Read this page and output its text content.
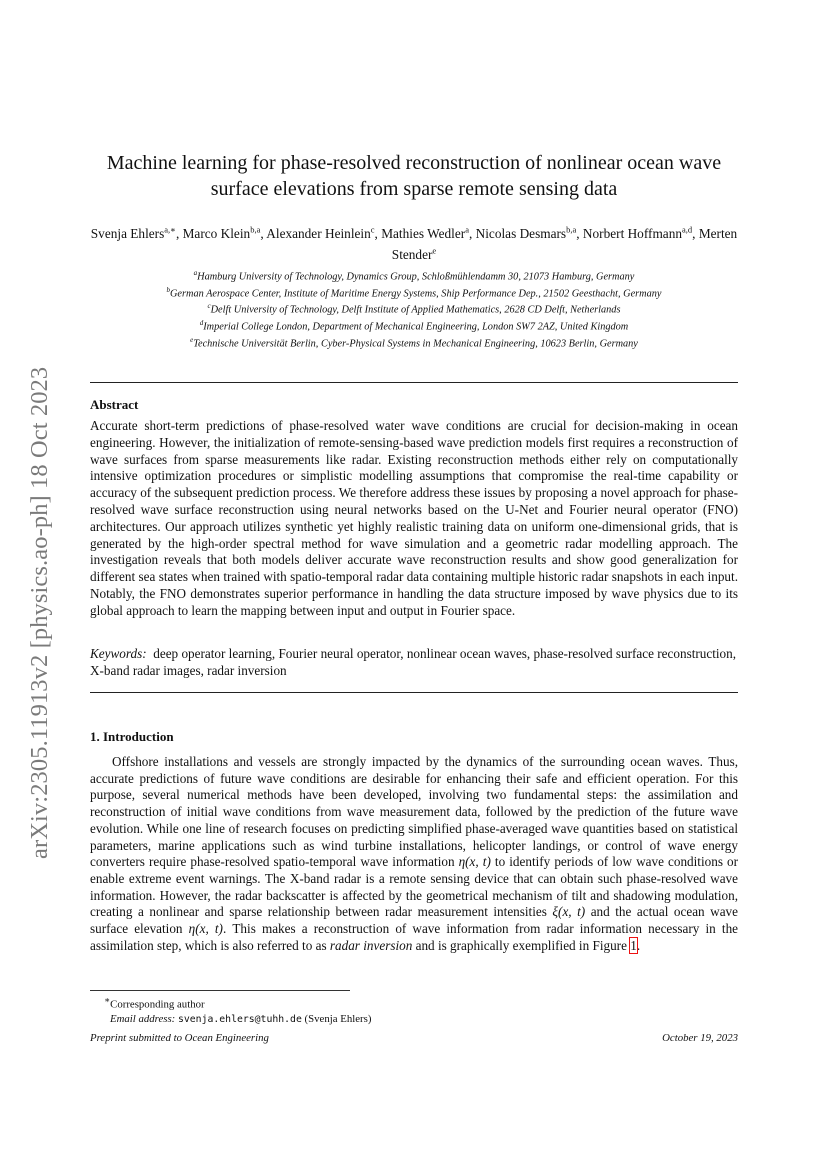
arXiv:2305.11913v2 [physics.ao-ph] 18 Oct 2023
Machine learning for phase-resolved reconstruction of nonlinear ocean wave
surface elevations from sparse remote sensing data
Svenja Ehlers$^{a,∗}$, Marco Klein$^{b,a}$, Alexander Heinlein$^c$, Mathies Wedler$^a$, Nicolas Desmars$^{b,a}$, Norbert Hoffmann$^{a,d}$, Merten Stender$^e$
$^a$Hamburg University of Technology, Dynamics Group, Schloßmühlendamm 30, 21073 Hamburg, Germany
$^b$German Aerospace Center, Institute of Maritime Energy Systems, Ship Performance Dep., 21502 Geesthacht, Germany
$^c$Delft University of Technology, Delft Institute of Applied Mathematics, 2628 CD Delft, Netherlands
$^d$Imperial College London, Department of Mechanical Engineering, London SW7 2AZ, United Kingdom
$^e$Technische Universität Berlin, Cyber-Physical Systems in Mechanical Engineering, 10623 Berlin, Germany
Abstract
Accurate short-term predictions of phase-resolved water wave conditions are crucial for decision-making in ocean engineering. However, the initialization of remote-sensing-based wave prediction models first requires a reconstruction of wave surfaces from sparse measurements like radar. Existing reconstruction methods either rely on computationally intensive optimization procedures or simplistic modelling assumptions that compromise the real-time capability or accuracy of the subsequent prediction process. We therefore address these issues by proposing a novel approach for phase-resolved wave surface reconstruction using neural networks based on the U-Net and Fourier neural operator (FNO) architectures. Our approach utilizes synthetic yet highly realistic training data on uniform one-dimensional grids, that is generated by the high-order spectral method for wave simulation and a geometric radar modelling approach. The investigation reveals that both models deliver accurate wave reconstruction results and show good generalization for different sea states when trained with spatio-temporal radar data containing multiple historic radar snapshots in each input. Notably, the FNO demonstrates superior performance in handling the data structure imposed by wave physics due to its global approach to learn the mapping between input and output in Fourier space.
Keywords: deep operator learning, Fourier neural operator, nonlinear ocean waves, phase-resolved surface reconstruction, X-band radar images, radar inversion
1. Introduction
Offshore installations and vessels are strongly impacted by the dynamics of the surrounding ocean waves. Thus, accurate predictions of future wave conditions are desirable for enhancing their safe and efficient operation. For this purpose, several numerical methods have been developed, involving two fundamental steps: the assimilation and reconstruction of initial wave conditions from wave measurement data, followed by the prediction of the future wave evolution. While one line of research focuses on predicting simplified phase-averaged wave quantities based on statistical parameters, marine applications such as wind turbine installations, helicopter landings, or control of wave energy converters require phase-resolved spatio-temporal wave information η(x, t) to identify periods of low wave conditions or enable extreme event warnings. The X-band radar is a remote sensing device that can obtain such phase-resolved wave information. However, the radar backscatter is affected by the geometrical mechanism of tilt and shadowing modulation, creating a nonlinear and sparse relationship between radar measurement intensities ξ(x, t) and the actual ocean wave surface elevation η(x, t). This makes a reconstruction of wave information from radar information necessary in the assimilation step, which is also referred to as radar inversion and is graphically exemplified in Figure 1.
∗Corresponding author
Email address: svenja.ehlers@tuhh.de (Svenja Ehlers)
Preprint submitted to Ocean Engineering	October 19, 2023
